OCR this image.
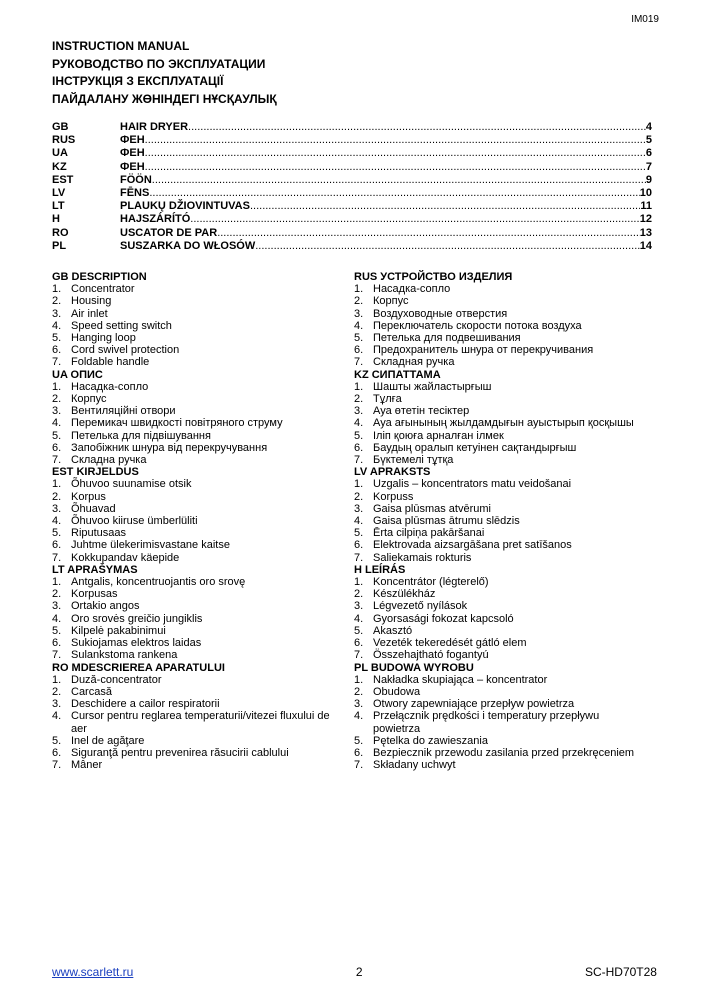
IM019
INSTRUCTION MANUAL
РУКОВОДСТВО ПО ЭКСПЛУАТАЦИИ
ІНСТРУКЦІЯ З ЕКСПЛУАТАЦІЇ
ПАЙДАЛАНУ ЖӨНІНДЕГІ НҰСҚАУЛЫҚ
GB	HAIR DRYER .....	4
RUS	ФЕН .....	5
UA	ФЕН .....	6
KZ	ФЕН .....	7
EST	FÖÖN .....	9
LV	FĒNS .....	10
LT	PLAUKŲ DŽIOVINTUVAS .....	11
H	HAJSZÁRÍTÓ .....	12
RO	USCATOR DE PAR .....	13
PL	SUSZARKA DO WŁOSÓW .....	14
GB DESCRIPTION
1. Concentrator
2. Housing
3. Air inlet
4. Speed setting switch
5. Hanging loop
6. Cord swivel protection
7. Foldable handle
UA ОПИС
1. Насадка-сопло
2. Корпус
3. Вентиляційні отвори
4. Перемикач швидкості повітряного струму
5. Петелька для підвішування
6. Запобіжник шнура від перекручування
7. Складна ручка
EST KIRJELDUS
1. Õhuvoo suunamise otsik
2. Korpus
3. Õhuavad
4. Õhuvoo kiiruse ümberlüliti
5. Riputusaas
6. Juhtme ülekerimisvastane kaitse
7. Kokkupandav käepide
LT APRAŠYMAS
1. Antgalis, koncentruojantis oro srovę
2. Korpusas
3. Ortakio angos
4. Oro srovės greičio jungiklis
5. Kilpelė pakabinimui
6. Sukiojamas elektros laidas
7. Sulankstoma rankena
RO MDESCRIEREA APARATULUI
1. Duză-concentrator
2. Carcasă
3. Deschidere a cailor respiratorii
4. Cursor pentru reglarea temperaturii/vitezei fluxului de aer
5. Inel de agăţare
6. Siguranţă pentru prevenirea răsucirii cablului
7. Mâner
RUS УСТРОЙСТВО ИЗДЕЛИЯ
1. Насадка-сопло
2. Корпус
3. Воздуховодные отверстия
4. Переключатель скорости потока воздуха
5. Петелька для подвешивания
6. Предохранитель шнура от перекручивания
7. Складная ручка
KZ СИПАТТАМА
1. Шашты жайластырғыш
2. Тұлға
3. Ауа өтетін тесіктер
4. Ауа ағынының жылдамдығын ауыстырып қосқышы
5. Іліп қоюға арналған ілмек
6. Баудың оралып кетуінен сақтандырғыш
7. Бүктемелі тұтқа
LV APRAKSTS
1. Uzgalis – koncentrators matu veidošanai
2. Korpuss
3. Gaisa plūsmas atvērumi
4. Gaisa plūsmas ātrumu slēdzis
5. Ērta cilpiņa pakāršanai
6. Elektrovada aizsargāšana pret satīšanos
7. Saliekamais rokturis
H LEÍRÁS
1. Koncentrátor (légterelő)
2. Készülékház
3. Légvezető nyílások
4. Gyorsasági fokozat kapcsoló
5. Akasztó
6. Vezeték tekeredését gátló elem
7. Összehajtható fogantyú
PL BUDOWA WYROBU
1. Nakładka skupiająca – koncentrator
2. Obudowa
3. Otwory zapewniające przepływ powietrza
4. Przełącznik prędkości i temperatury przepływu powietrza
5. Pętelka do zawieszania
6. Bezpiecznik przewodu zasilania przed przekręceniem
7. Składany uchwyt
www.scarlett.ru	2	SC-HD70T28
